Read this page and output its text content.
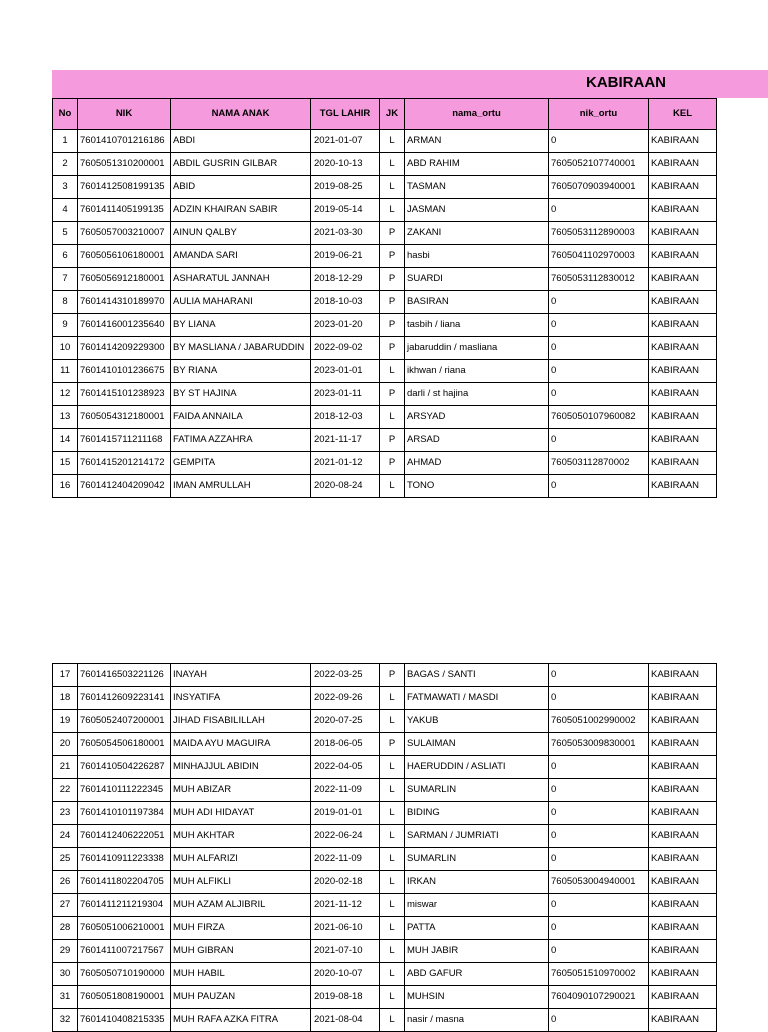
KABIRAAN
No	NIK	NAMA ANAK	TGL LAHIR	JK	nama_ortu	nik_ortu	KEL
1	7601410701216186	ABDI	2021-01-07	L	ARMAN	0	KABIRAAN
2	7605051310200001	ABDIL GUSRIN GILBAR	2020-10-13	L	ABD RAHIM	7605052107740001	KABIRAAN
3	7601412508199135	ABID	2019-08-25	L	TASMAN	7605070903940001	KABIRAAN
4	7601411405199135	ADZIN KHAIRAN SABIR	2019-05-14	L	JASMAN	0	KABIRAAN
5	7605057003210007	AINUN QALBY	2021-03-30	P	ZAKANI	7605053112890003	KABIRAAN
6	7605056106180001	AMANDA SARI	2019-06-21	P	hasbi	7605041102970003	KABIRAAN
7	7605056912180001	ASHARATUL JANNAH	2018-12-29	P	SUARDI	7605053112830012	KABIRAAN
8	7601414310189970	AULIA MAHARANI	2018-10-03	P	BASIRAN	0	KABIRAAN
9	7601416001235640	BY LIANA	2023-01-20	P	tasbih / liana	0	KABIRAAN
10	7601414209229300	BY MASLIANA / JABARUDDIN	2022-09-02	P	jabaruddin / masliana	0	KABIRAAN
11	7601410101236675	BY RIANA	2023-01-01	L	ikhwan / riana	0	KABIRAAN
12	7601415101238923	BY ST HAJINA	2023-01-11	P	darli / st hajina	0	KABIRAAN
13	7605054312180001	FAIDA ANNAILA	2018-12-03	L	ARSYAD	7605050107960082	KABIRAAN
14	7601415711211168	FATIMA AZZAHRA	2021-11-17	P	ARSAD	0	KABIRAAN
15	7601415201214172	GEMPITA	2021-01-12	P	AHMAD	760503112870002	KABIRAAN
16	7601412404209042	IMAN AMRULLAH	2020-08-24	L	TONO	0	KABIRAAN
17	7601416503221126	INAYAH	2022-03-25	P	BAGAS / SANTI	0	KABIRAAN
18	7601412609223141	INSYATIFA	2022-09-26	L	FATMAWATI / MASDI	0	KABIRAAN
19	7605052407200001	JIHAD FISABILILLAH	2020-07-25	L	YAKUB	7605051002990002	KABIRAAN
20	7605054506180001	MAIDA AYU MAGUIRA	2018-06-05	P	SULAIMAN	7605053009830001	KABIRAAN
21	7601410504226287	MINHAJJUL ABIDIN	2022-04-05	L	HAERUDDIN / ASLIATI	0	KABIRAAN
22	7601410111222345	MUH ABIZAR	2022-11-09	L	SUMARLIN	0	KABIRAAN
23	7601410101197384	MUH ADI HIDAYAT	2019-01-01	L	BIDING	0	KABIRAAN
24	7601412406222051	MUH AKHTAR	2022-06-24	L	SARMAN / JUMRIATI	0	KABIRAAN
25	7601410911223338	MUH ALFARIZI	2022-11-09	L	SUMARLIN	0	KABIRAAN
26	7601411802204705	MUH ALFIKLI	2020-02-18	L	IRKAN	7605053004940001	KABIRAAN
27	7601411211219304	MUH AZAM ALJIBRIL	2021-11-12	L	miswar	0	KABIRAAN
28	7605051006210001	MUH FIRZA	2021-06-10	L	PATTA	0	KABIRAAN
29	7601411007217567	MUH GIBRAN	2021-07-10	L	MUH JABIR	0	KABIRAAN
30	7605050710190000	MUH HABIL	2020-10-07	L	ABD GAFUR	7605051510970002	KABIRAAN
31	7605051808190001	MUH PAUZAN	2019-08-18	L	MUHSIN	7604090107290021	KABIRAAN
32	7601410408215335	MUH RAFA AZKA FITRA	2021-08-04	L	nasir / masna	0	KABIRAAN
